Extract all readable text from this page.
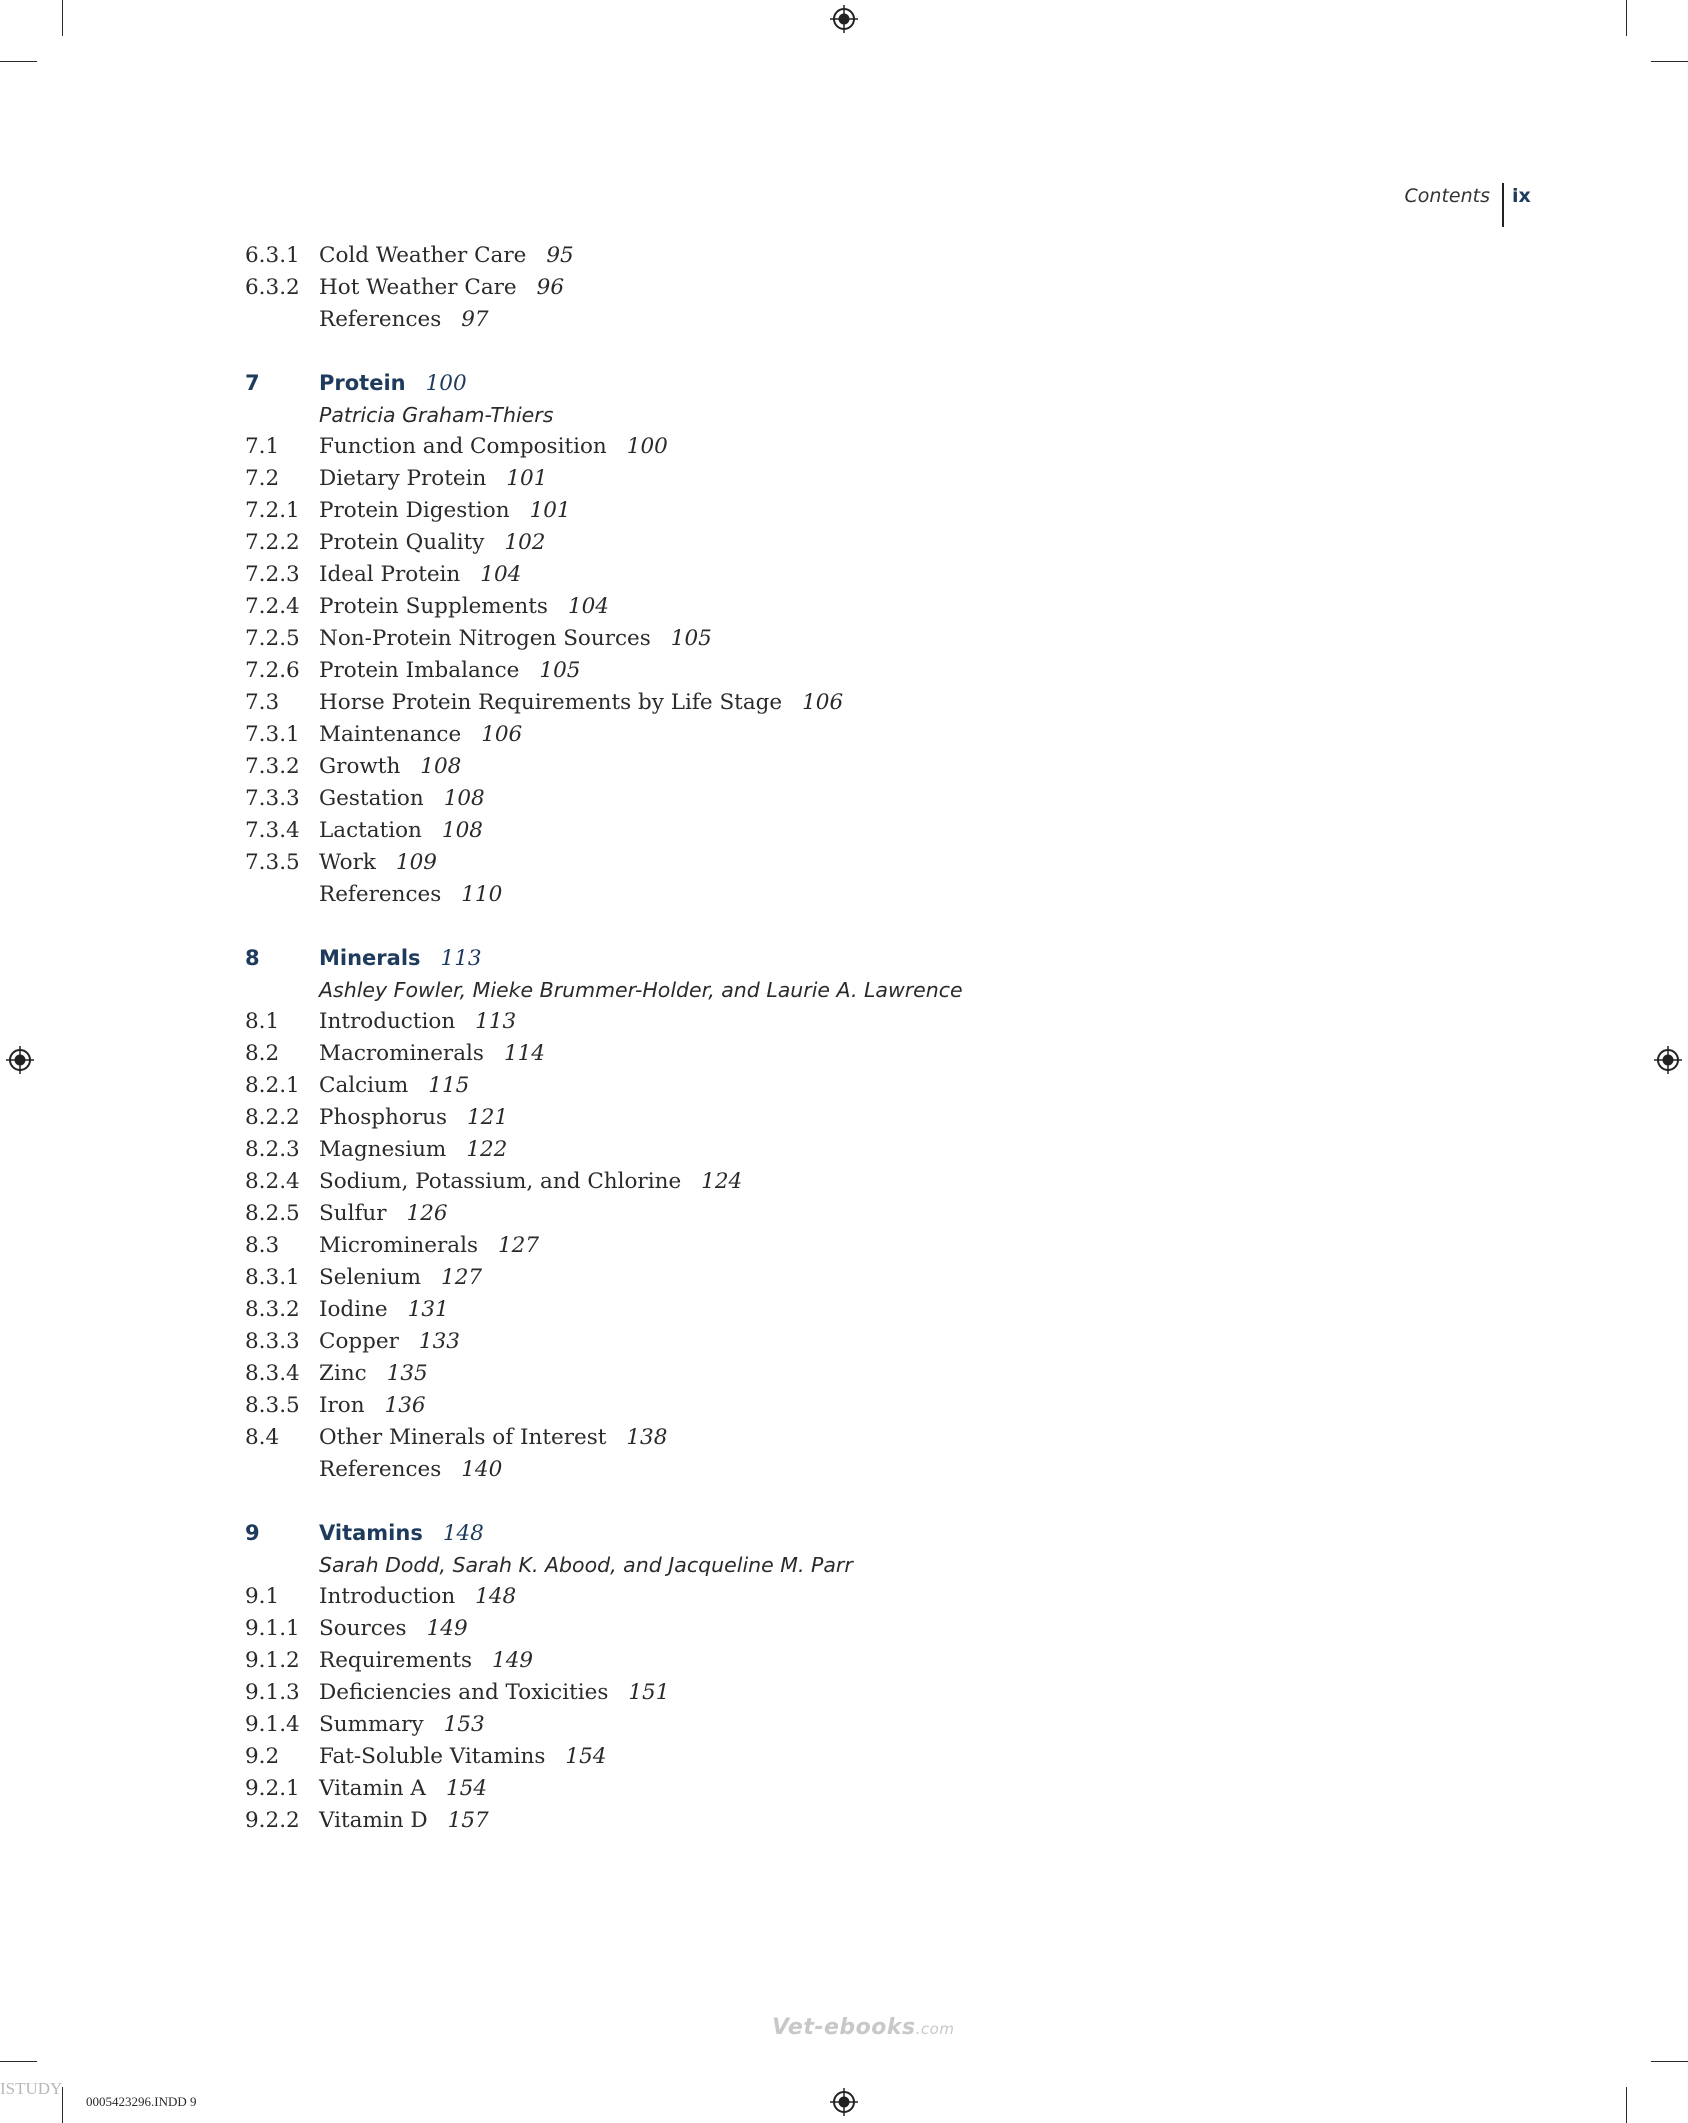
Contents ix
6.3.1 Cold Weather Care 95
6.3.2 Hot Weather Care 96
References 97
7	Protein 100
Patricia Graham-Thiers
7.1 Function and Composition 100
7.2 Dietary Protein 101
7.2.1 Protein Digestion 101
7.2.2 Protein Quality 102
7.2.3 Ideal Protein 104
7.2.4 Protein Supplements 104
7.2.5 Non-Protein Nitrogen Sources 105
7.2.6 Protein Imbalance 105
7.3 Horse Protein Requirements by Life Stage 106
7.3.1 Maintenance 106
7.3.2 Growth 108
7.3.3 Gestation 108
7.3.4 Lactation 108
7.3.5 Work 109
References 110
8	Minerals 113
Ashley Fowler, Mieke Brummer-Holder, and Laurie A. Lawrence
8.1 Introduction 113
8.2 Macrominerals 114
8.2.1 Calcium 115
8.2.2 Phosphorus 121
8.2.3 Magnesium 122
8.2.4 Sodium, Potassium, and Chlorine 124
8.2.5 Sulfur 126
8.3 Microminerals 127
8.3.1 Selenium 127
8.3.2 Iodine 131
8.3.3 Copper 133
8.3.4 Zinc 135
8.3.5 Iron 136
8.4 Other Minerals of Interest 138
References 140
9	Vitamins 148
Sarah Dodd, Sarah K. Abood, and Jacqueline M. Parr
9.1 Introduction 148
9.1.1 Sources 149
9.1.2 Requirements 149
9.1.3 Deficiencies and Toxicities 151
9.1.4 Summary 153
9.2 Fat-Soluble Vitamins 154
9.2.1 Vitamin A 154
9.2.2 Vitamin D 157
Vet-ebooks.com
0005423296.INDD 9
ISTUDY
